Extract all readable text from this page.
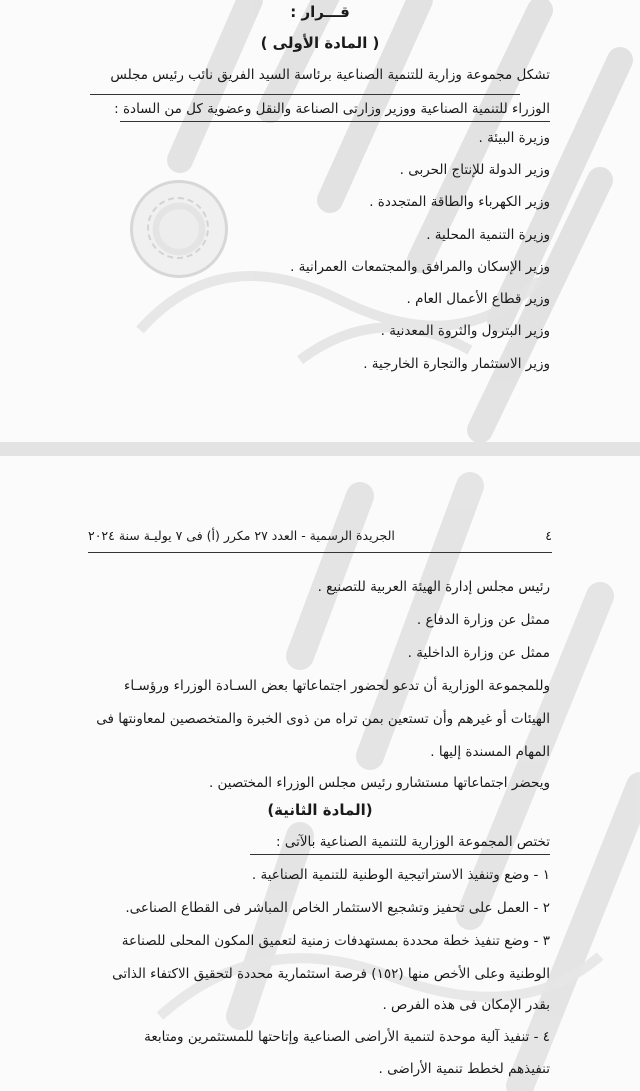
قـــرار :
( المادة الأولى )
تشكل مجموعة وزارية للتنمية الصناعية برئاسة السيد الفريق نائب رئيس مجلس
الوزراء للتنمية الصناعية ووزير وزارتى الصناعة والنقل وعضوية كل من السادة :
وزيرة البيئة .
وزير الدولة للإنتاج الحربى .
وزير الكهرباء والطاقة المتجددة .
وزيرة التنمية المحلية .
وزير الإسكان والمرافق والمجتمعات العمرانية .
وزير قطاع الأعمال العام .
وزير البترول والثروة المعدنية .
وزير الاستثمار والتجارة الخارجية .
٤
الجريدة الرسمية - العدد ٢٧ مكرر (أ) فى ٧ يوليـة سنة ٢٠٢٤
رئيس مجلس إدارة الهيئة العربية للتصنيع .
ممثل عن وزارة الدفاع .
ممثل عن وزارة الداخلية .
وللمجموعة الوزارية أن تدعو لحضور اجتماعاتها بعض السـادة الوزراء ورؤسـاء
الهيئات أو غيرهم وأن تستعين بمن تراه من ذوى الخبرة والمتخصصين لمعاونتها فى
المهام المسندة إليها .
ويحضر اجتماعاتها مستشارو رئيس مجلس الوزراء المختصين .
(المادة الثانية)
تختص المجموعة الوزارية للتنمية الصناعية بالآتى :
١ - وضع وتنفيذ الاستراتيجية الوطنية للتنمية الصناعية .
٢ - العمل على تحفيز وتشجيع الاستثمار الخاص المباشر فى القطاع الصناعى.
٣ - وضع تنفيذ خطة محددة بمستهدفات زمنية لتعميق المكون المحلى للصناعة
الوطنية وعلى الأخص منها (١٥٢) فرصة استثمارية محددة لتحقيق الاكتفاء الذاتى
بقدر الإمكان فى هذه الفرص .
٤ - تنفيذ آلية موحدة لتنمية الأراضى الصناعية وإتاحتها للمستثمرين ومتابعة
تنفيذهم لخطط تنمية الأراضى .
